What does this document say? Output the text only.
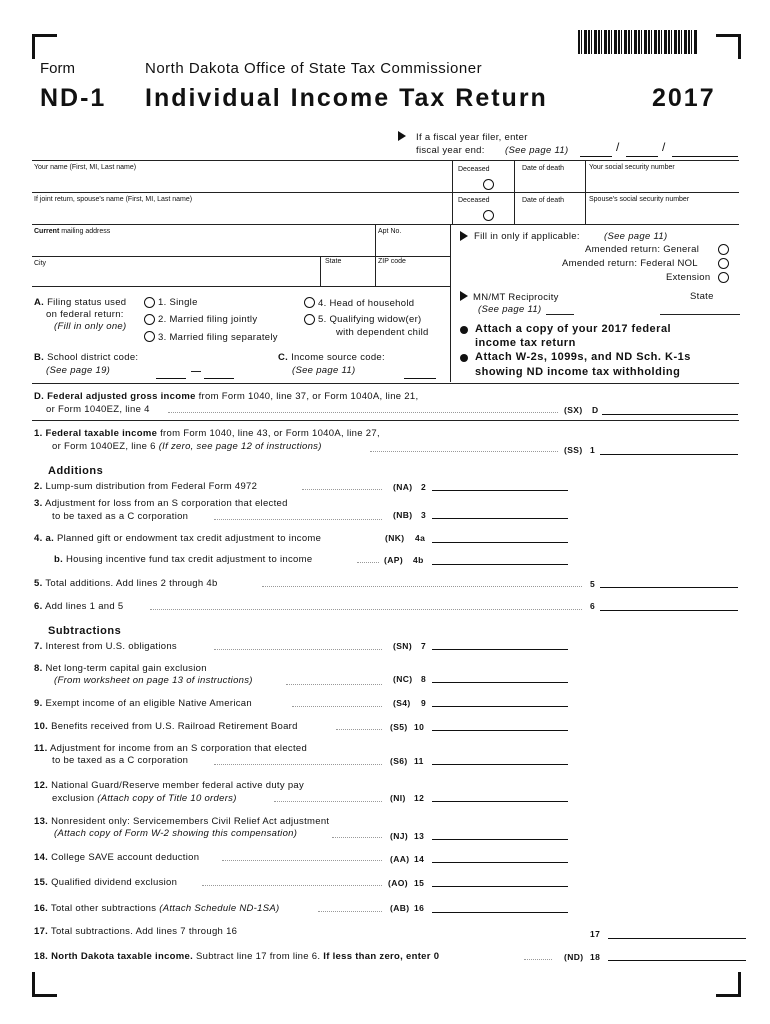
Form	North Dakota Office of State Tax Commissioner
ND-1 Individual Income Tax Return	2017
If a fiscal year filer, enter
fiscal year end: (See page 11)	/	/
Your name (First, MI, Last name)	Deceased	Date of death	Your social security number
If joint return, spouse's name (First, MI, Last name)	Deceased	Date of death	Spouse's social security number
Current mailing address	Apt No.
City	State	ZIP code
Fill in only if applicable:	(See page 11)
Amended return: General
Amended return: Federal NOL
Extension
A. Filing status used
on federal return:
(Fill in only one)
1. Single
2. Married filing jointly
3. Married filing separately
4. Head of household
5. Qualifying widow(er)
with dependent child
B. School district code:
(See page 19)
C. Income source code:
(See page 11)
MN/MT Reciprocity
(See page 11)
State
Attach a copy of your 2017 federal
income tax return
Attach W-2s, 1099s, and ND Sch. K-1s
showing ND income tax withholding
D. Federal adjusted gross income from Form 1040, line 37, or Form 1040A, line 21,
or Form 1040EZ, line 4	(SX) D
1. Federal taxable income from Form 1040, line 43, or Form 1040A, line 27,
or Form 1040EZ, line 6 (If zero, see page 12 of instructions)	(SS) 1
Additions
2. Lump-sum distribution from Federal Form 4972	(NA) 2
3. Adjustment for loss from an S corporation that elected
to be taxed as a C corporation	(NB) 3
4. a. Planned gift or endowment tax credit adjustment to income	(NK) 4a
b. Housing incentive fund tax credit adjustment to income	(AP) 4b
5. Total additions. Add lines 2 through 4b	5
6. Add lines 1 and 5	6
Subtractions
7. Interest from U.S. obligations	(SN) 7
8. Net long-term capital gain exclusion
(From worksheet on page 13 of instructions)	(NC) 8
9. Exempt income of an eligible Native American	(S4) 9
10. Benefits received from U.S. Railroad Retirement Board	(S5) 10
11. Adjustment for income from an S corporation that elected
to be taxed as a C corporation	(S6) 11
12. National Guard/Reserve member federal active duty pay
exclusion (Attach copy of Title 10 orders)	(NI) 12
13. Nonresident only: Servicemembers Civil Relief Act adjustment
(Attach copy of Form W-2 showing this compensation)	(NJ) 13
14. College SAVE account deduction	(AA) 14
15. Qualified dividend exclusion	(AO) 15
16. Total other subtractions (Attach Schedule ND-1SA)	(AB) 16
17. Total subtractions. Add lines 7 through 16	17
18. North Dakota taxable income. Subtract line 17 from line 6. If less than zero, enter 0	(ND) 18
